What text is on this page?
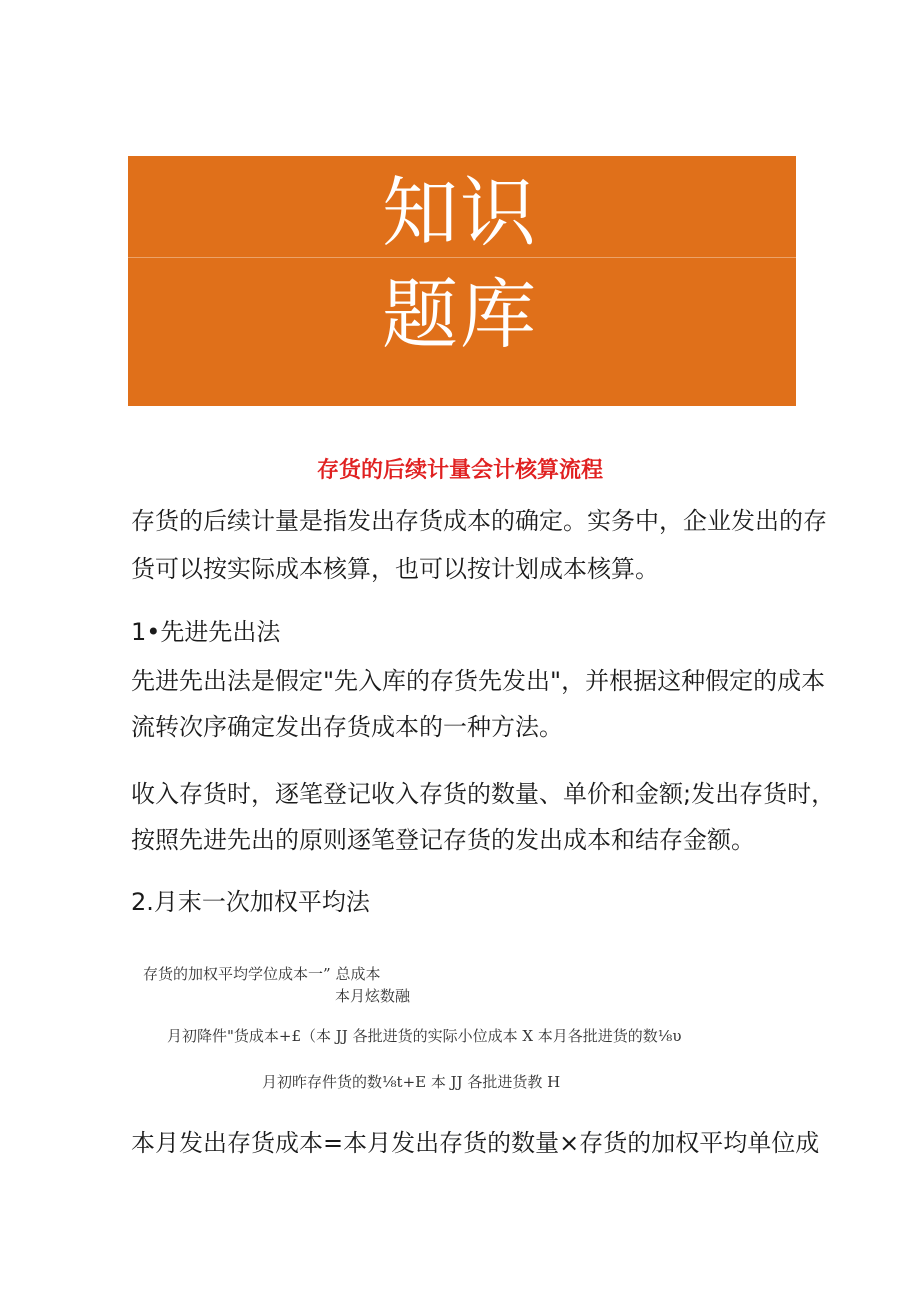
知识
题库
存货的后续计量会计核算流程
存货的后续计量是指发出存货成本的确定。实务中，企业发出的存
货可以按实际成本核算，也可以按计划成本核算。
1•先进先出法
先进先出法是假定"先入库的存货先发出"，并根据这种假定的成本
流转次序确定发出存货成本的一种方法。
收入存货时，逐笔登记收入存货的数量、单价和金额;发出存货时，
按照先进先出的原则逐笔登记存货的发出成本和结存金额。
2.月末一次加权平均法
存货的加权平均学位成本一” 总成本
本月炫数融
月初降件"货成本+£（本 JJ 各批进货的实际小位成本 X 本月各批进货的数⅛υ
月初昨存件货的数⅛t+E 本 JJ 各批进货教 H
本月发出存货成本=本月发出存货的数量×存货的加权平均单位成
